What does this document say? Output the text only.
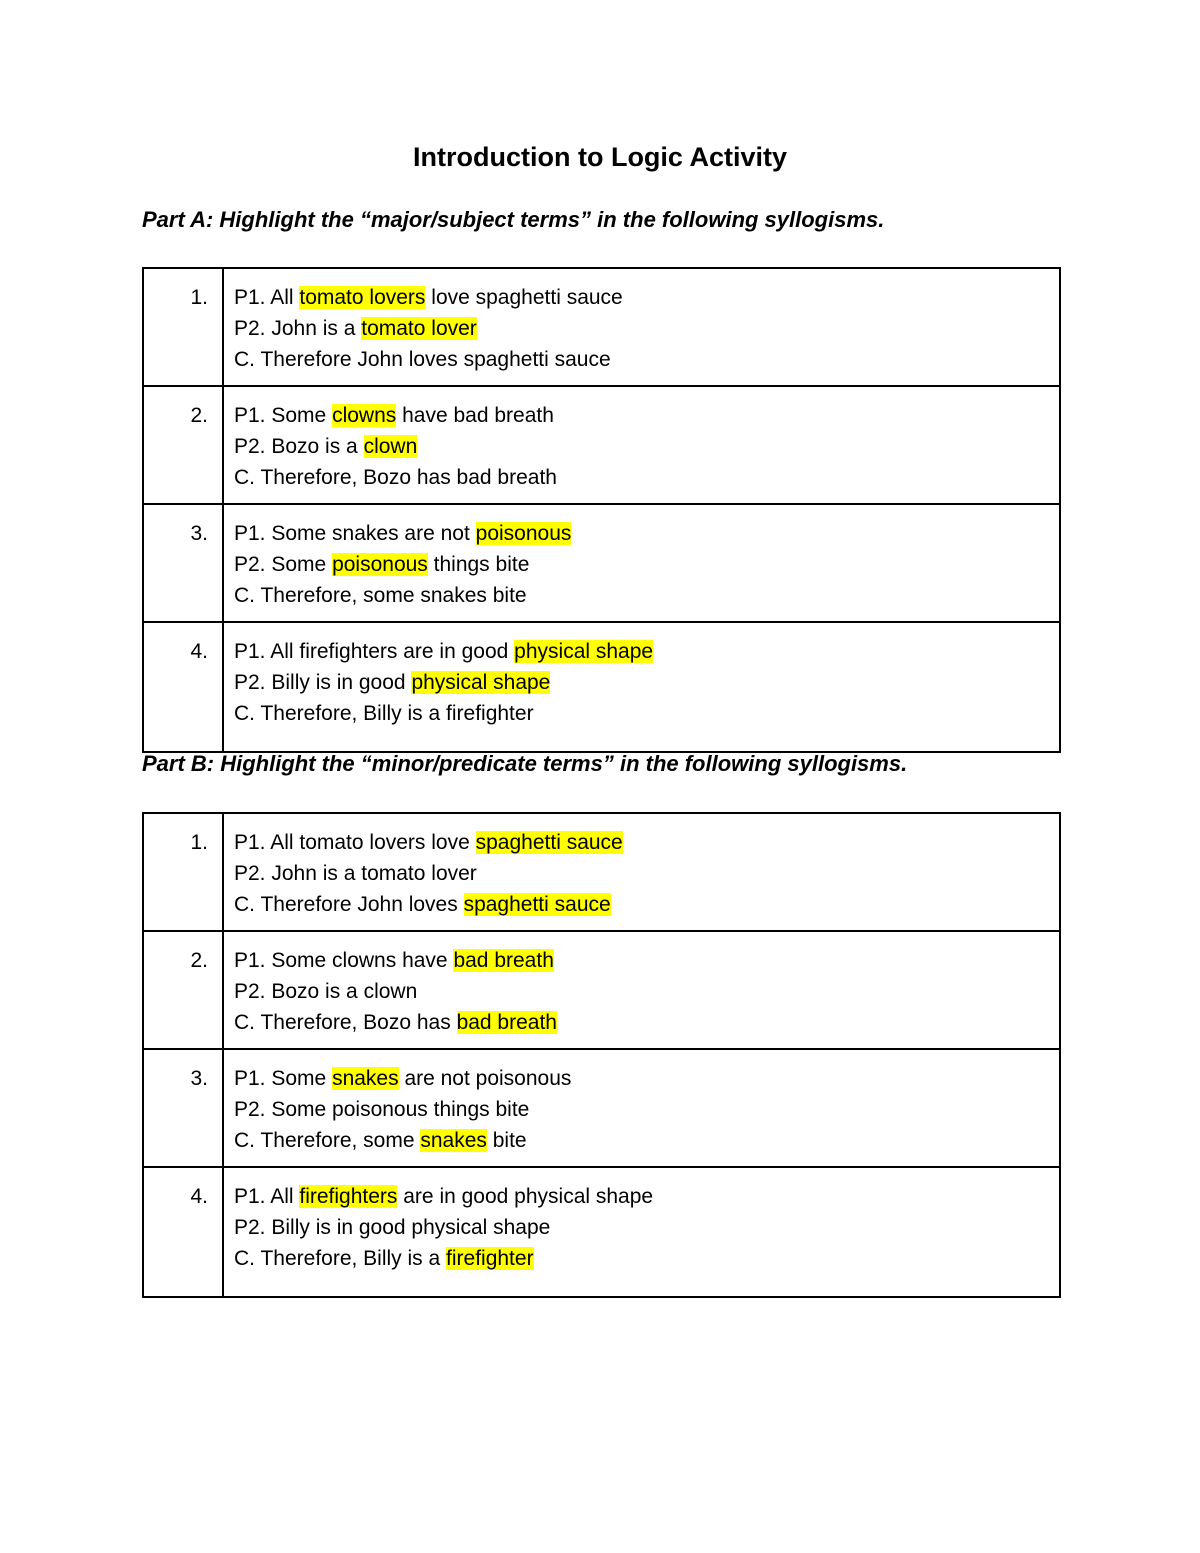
Introduction to Logic Activity
Part A: Highlight the “major/subject terms” in the following syllogisms.
1.	P1. All tomato lovers love spaghetti sauce
P2. John is a tomato lover
C. Therefore John loves spaghetti sauce

2.	P1. Some clowns have bad breath
P2. Bozo is a clown
C. Therefore, Bozo has bad breath

3.	P1. Some snakes are not poisonous
P2. Some poisonous things bite
C. Therefore, some snakes bite

4.	P1. All firefighters are in good physical shape
P2. Billy is in good physical shape
C. Therefore, Billy is a firefighter
Part B: Highlight the “minor/predicate terms” in the following syllogisms.
1.	P1. All tomato lovers love spaghetti sauce
P2. John is a tomato lover
C. Therefore John loves spaghetti sauce

2.	P1. Some clowns have bad breath
P2. Bozo is a clown
C. Therefore, Bozo has bad breath

3.	P1. Some snakes are not poisonous
P2. Some poisonous things bite
C. Therefore, some snakes bite

4.	P1. All firefighters are in good physical shape
P2. Billy is in good physical shape
C. Therefore, Billy is a firefighter
